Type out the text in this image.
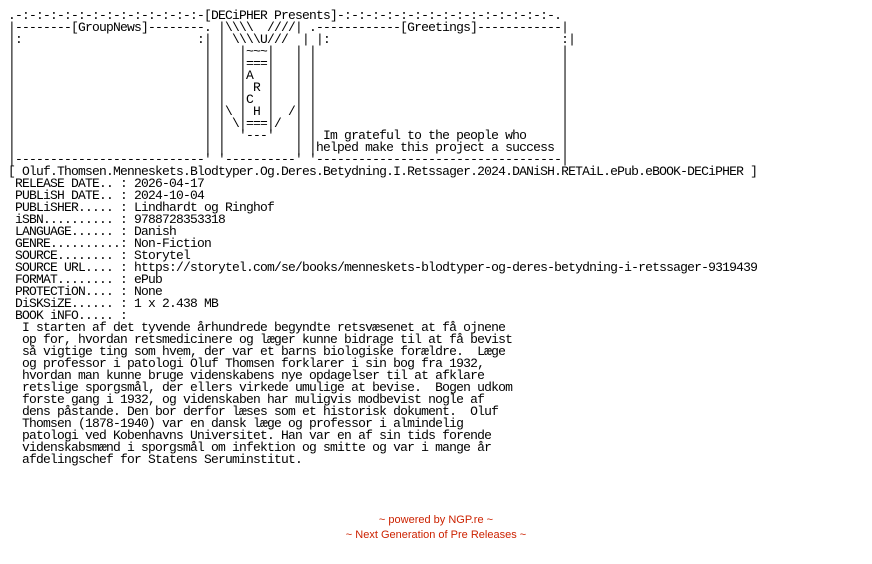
.-:-:-:-:-:-:-:-:-:-:-:-:-:-[DECiPHER Presents]-:-:-:-:-:-:-:-:-:-:-:-:-:-:-:-.
|--------[GroupNews]--------. |\\\\  ////| .------------[Greetings]------------|
|:                         :| | \\\\U///  | |:                                 :|
|                           | |  |~~~|   | |                                   |
|                           | |  |===|   | |                                   |
|                           | |  |A  |   | |                                   |
|                           | |  | R |   | |                                   |
|                           | |  |C  |   | |                                   |
|                           | |\ | H |  /| |                                   |
|                           | | \|===|/  | |                                   |
|                           | |  '---'   | | Im grateful to the people who     |
|                           | |          | |helped make this project a success |
|---------------------------' '----------' '-----------------------------------|
[ Oluf.Thomsen.Menneskets.Blodtyper.Og.Deres.Betydning.I.Retssager.2024.DANiSH.RETAiL.ePub.eBOOK-DECiPHER ]
RELEASE DATE.. : 2026-04-17
PUBLiSH DATE.. : 2024-10-04
PUBLiSHER..... : Lindhardt og Ringhof
iSBN.......... : 9788728353318
LANGUAGE...... : Danish
GENRE..........: Non-Fiction
SOURCE........ : Storytel
SOURCE URL.... : https://storytel.com/se/books/menneskets-blodtyper-og-deres-betydning-i-retssager-9319439
FORMAT........ : ePub
PROTECTiON.... : None
DiSKSiZE...... : 1 x 2.438 MB
BOOK iNFO..... :
I starten af det tyvende århundrede begyndte retsvæsenet at få ojnene
op for, hvordan retsmedicinere og læger kunne bidrage til at få bevist
så vigtige ting som hvem, der var et barns biologiske forældre.  Læge
og professor i patologi Oluf Thomsen forklarer i sin bog fra 1932,
hvordan man kunne bruge videnskabens nye opdagelser til at afklare
retslige sporgsmål, der ellers virkede umulige at bevise.  Bogen udkom
forste gang i 1932, og videnskaben har muligvis modbevist nogle af
dens påstande. Den bor derfor læses som et historisk dokument.  Oluf
Thomsen (1878-1940) var en dansk læge og professor i almindelig
patologi ved Kobenhavns Universitet. Han var en af sin tids forende
videnskabsmænd i sporgsmål om infektion og smitte og var i mange år
afdelingschef for Statens Seruminstitut.
~ powered by NGP.re ~
~ Next Generation of Pre Releases ~
